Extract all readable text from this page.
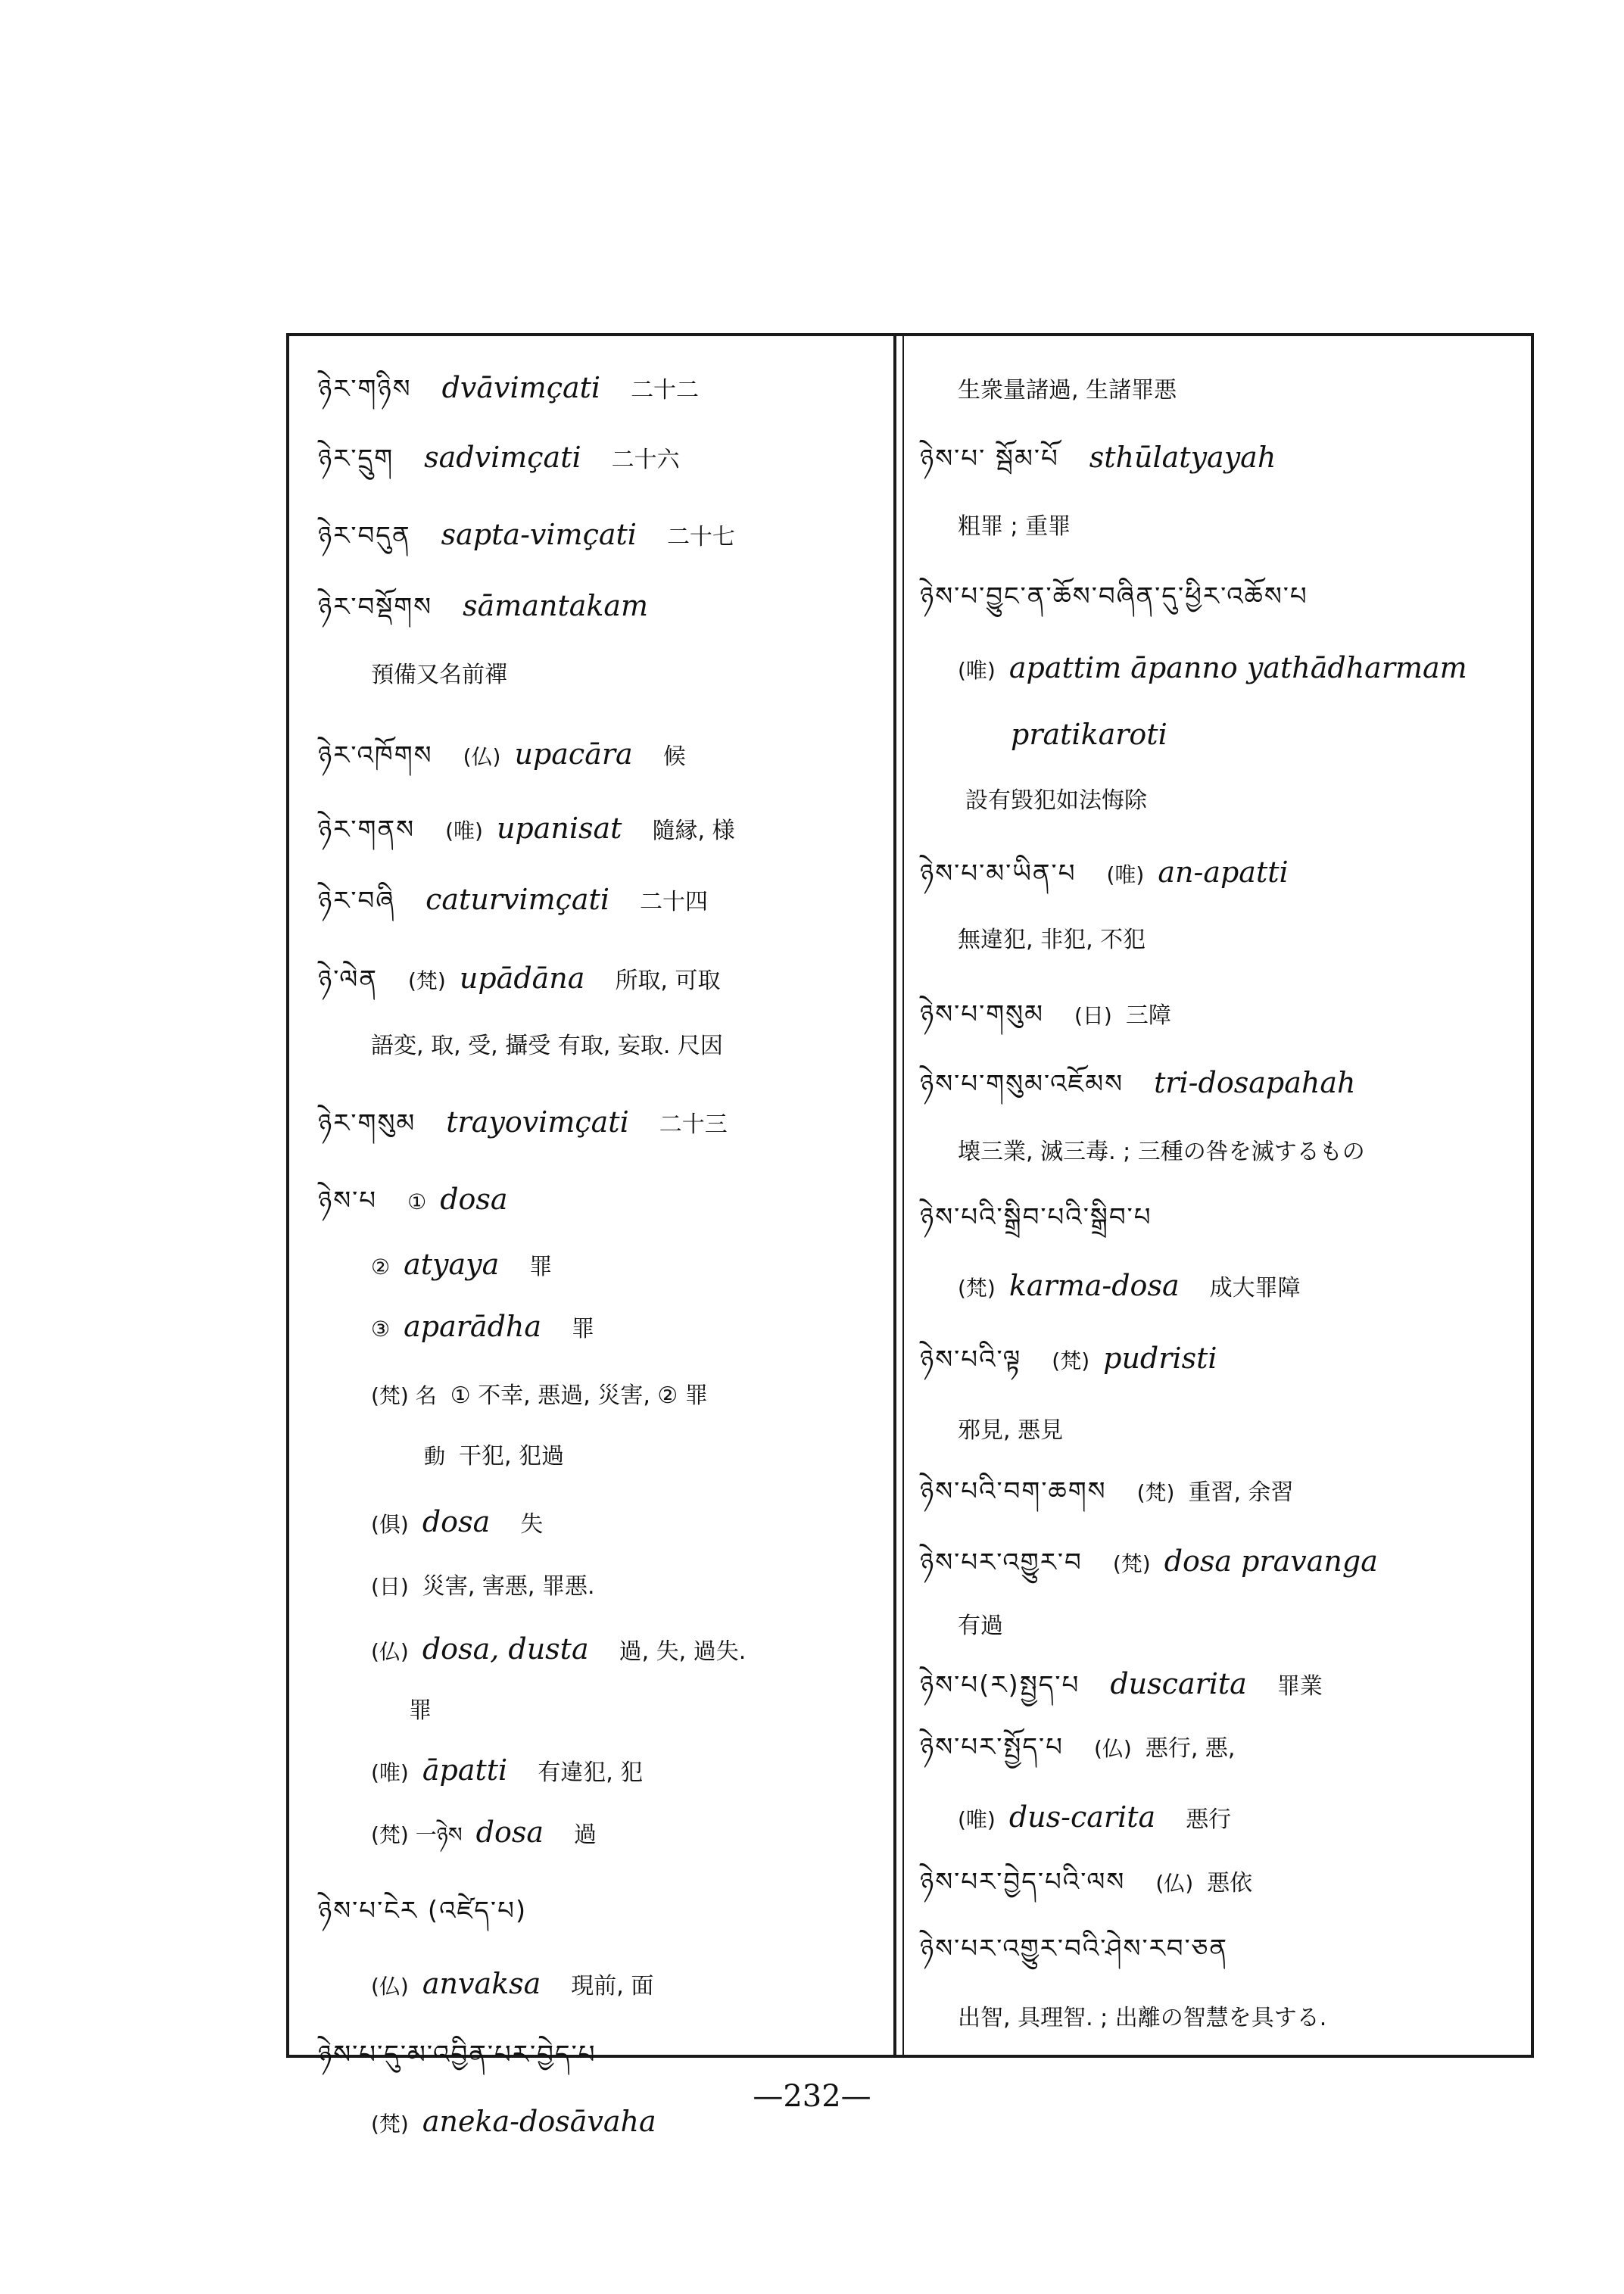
ཉེར་གཉིས dvāvimçati 二十二
ཉེར་དྲུག sadvimçati 二十六
ཉེར་བདུན sapta-vimçati 二十七
ཉེར་བསྡོགས sāmantakam
預備又名前禪
ཉེར་འཁོགས (仏) upacāra 候
ཉེར་གནས (唯) upanisat 隨縁, 様
ཉེར་བཞི caturvimçati 二十四
ཉེ་ལེན (梵) upādāna 所取, 可取
語変, 取, 受, 攝受 有取, 妄取. 尺因
ཉེར་གསུམ trayovimçati 二十三
ཉེས་པ ① dosa
② atyaya 罪
③ aparādha 罪
(梵) 名 ① 不幸, 悪過, 災害, ② 罪
動 干犯, 犯過
(俱) dosa 失
(日) 災害, 害悪, 罪悪.
(仏) dosa, dusta 過, 失, 過失.
罪
(唯) āpatti 有違犯, 犯
(梵) 一ཉེས dosa 過
ཉེས་པ་ངེར (འཛེད་པ)
(仏) anvaksa 現前, 面
ཉེས་པ་དུ་མ་འབྱིན་པར་བྱེད་པ
(梵) aneka-dosāvaha
生衆量諸過, 生諸罪悪
ཉེས་པ་ སྦོམ་པོ sthūlatyayah
粗罪 ; 重罪
ཉེས་པ་བྱུང་ན་ཆོས་བཞིན་དུ་ཕྱིར་འཆོས་པ
(唯) apattim āpanno yathādharmam
pratikaroti
設有毀犯如法悔除
ཉེས་པ་མ་ཡིན་པ (唯) an-apatti
無違犯, 非犯, 不犯
ཉེས་པ་གསུམ (日) 三障
ཉེས་པ་གསུམ་འཇོམས tri-dosapahah
壊三業, 滅三毒. ; 三種の咎を滅するもの
ཉེས་པའི་སྒྲིབ་པའི་སྒྲིབ་པ
(梵) karma-dosa 成大罪障
ཉེས་པའི་ལྟ (梵) pudristi
邪見, 悪見
ཉེས་པའི་བག་ཆགས (梵) 重習, 余習
ཉེས་པར་འགྱུར་བ (梵) dosa pravanga
有過
ཉེས་པ(ར)སྤྱད་པ duscarita 罪業
ཉེས་པར་སྤྱོད་པ (仏) 悪行, 悪,
(唯) dus-carita 悪行
ཉེས་པར་བྱེད་པའི་ལས (仏) 悪依
ཉེས་པར་འགྱུར་བའི་ཤེས་རབ་ཅན
出智, 具理智. ; 出離の智慧を具する.
—232—
